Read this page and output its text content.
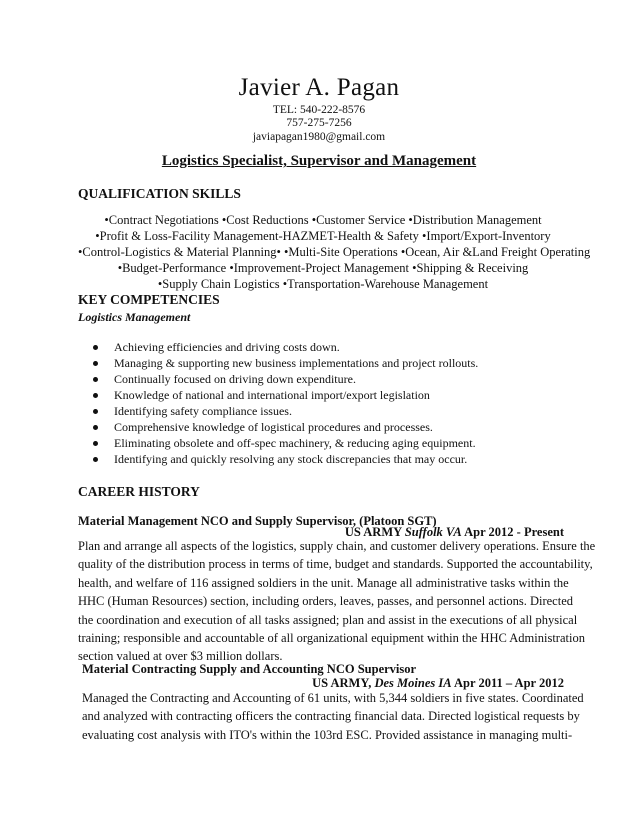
Javier A. Pagan
TEL: 540-222-8576
757-275-7256
javiapagan1980@gmail.com
Logistics Specialist, Supervisor and Management
QUALIFICATION SKILLS
•Contract Negotiations •Cost Reductions •Customer Service •Distribution Management
•Profit & Loss-Facility Management-HAZMET-Health & Safety •Import/Export-Inventory
•Control-Logistics & Material Planning• •Multi-Site Operations •Ocean, Air &Land Freight Operating
•Budget-Performance •Improvement-Project Management •Shipping & Receiving
•Supply Chain Logistics •Transportation-Warehouse Management
KEY COMPETENCIES
Logistics Management
Achieving efficiencies and driving costs down.
Managing & supporting new business implementations and project rollouts.
Continually focused on driving down expenditure.
Knowledge of national and international import/export legislation
Identifying safety compliance issues.
Comprehensive knowledge of logistical procedures and processes.
Eliminating obsolete and off-spec machinery, & reducing aging equipment.
Identifying and quickly resolving any stock discrepancies that may occur.
CAREER HISTORY
Material Management NCO and Supply Supervisor, (Platoon SGT)
US ARMY Suffolk VA Apr 2012 - Present
Plan and arrange all aspects of the logistics, supply chain, and customer delivery operations. Ensure the
quality of the distribution process in terms of time, budget and standards. Supported the accountability,
health, and welfare of 116 assigned soldiers in the unit. Manage all administrative tasks within the
HHC (Human Resources) section, including orders, leaves, passes, and personnel actions. Directed
the coordination and execution of all tasks assigned; plan and assist in the executions of all physical
training; responsible and accountable of all organizational equipment within the HHC Administration
section valued at over $3 million dollars.
Material Contracting Supply and Accounting NCO Supervisor
US ARMY, Des Moines IA Apr 2011 – Apr 2012
Managed the Contracting and Accounting of 61 units, with 5,344 soldiers in five states. Coordinated
and analyzed with contracting officers the contracting financial data. Directed logistical requests by
evaluating cost analysis with ITO's within the 103rd ESC. Provided assistance in managing multi-
